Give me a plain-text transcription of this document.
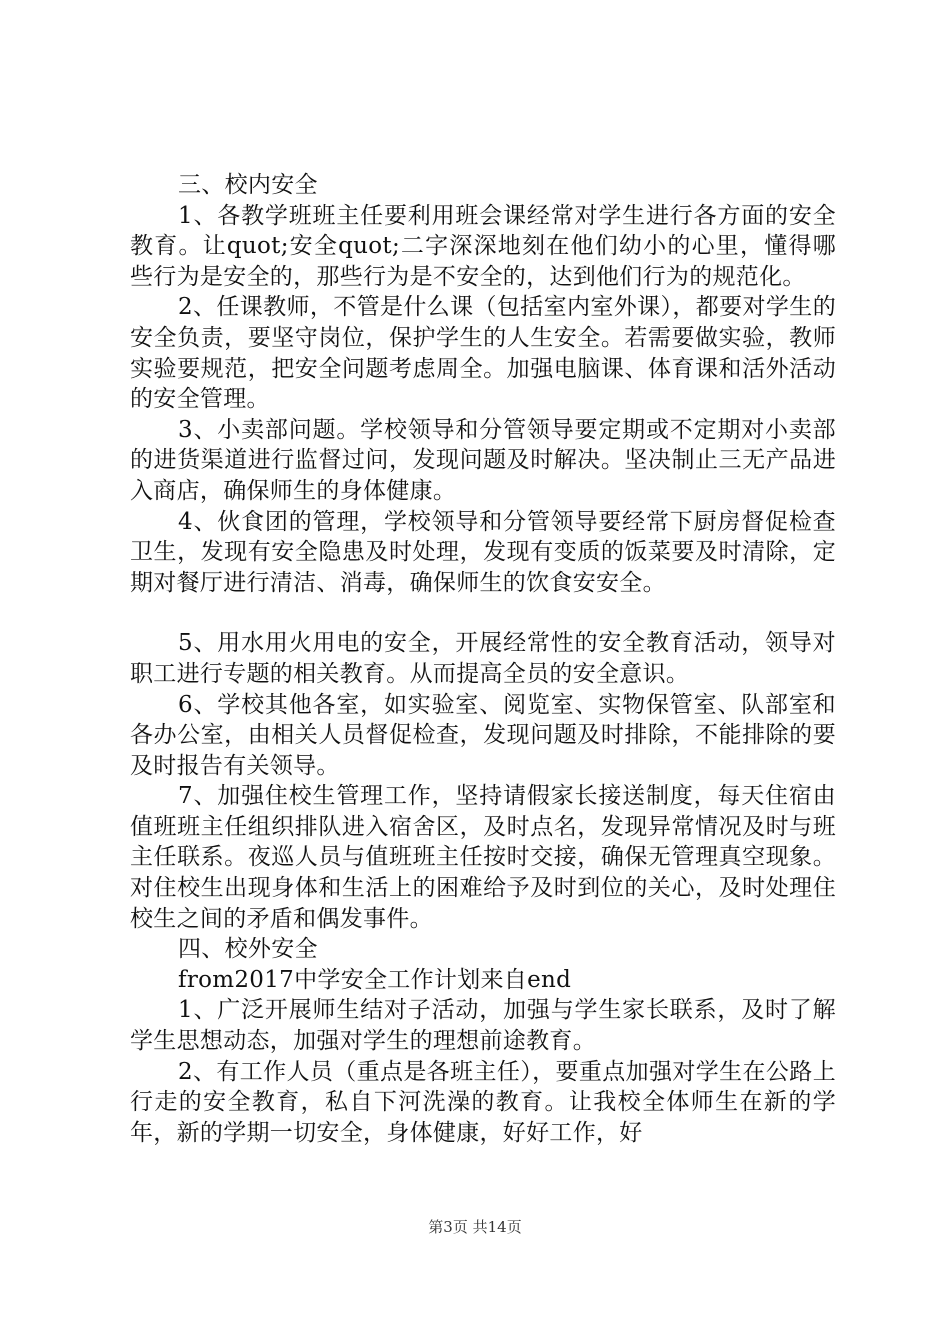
三、校内安全

1、各教学班班主任要利用班会课经常对学生进行各方面的安全教育。让quot;安全quot;二字深深地刻在他们幼小的心里，懂得哪些行为是安全的，那些行为是不安全的，达到他们行为的规范化。

2、任课教师，不管是什么课（包括室内室外课），都要对学生的安全负责，要坚守岗位，保护学生的人生安全。若需要做实验，教师实验要规范，把安全问题考虑周全。加强电脑课、体育课和活外活动的安全管理。

3、小卖部问题。学校领导和分管领导要定期或不定期对小卖部的进货渠道进行监督过问，发现问题及时解决。坚决制止三无产品进入商店，确保师生的身体健康。

4、伙食团的管理，学校领导和分管领导要经常下厨房督促检查卫生，发现有安全隐患及时处理，发现有变质的饭菜要及时清除，定期对餐厅进行清洁、消毒，确保师生的饮食安安全。

5、用水用火用电的安全，开展经常性的安全教育活动，领导对职工进行专题的相关教育。从而提高全员的安全意识。

6、学校其他各室，如实验室、阅览室、实物保管室、队部室和各办公室，由相关人员督促检查，发现问题及时排除，不能排除的要及时报告有关领导。

7、加强住校生管理工作，坚持请假家长接送制度，每天住宿由值班班主任组织排队进入宿舍区，及时点名，发现异常情况及时与班主任联系。夜巡人员与值班班主任按时交接，确保无管理真空现象。对住校生出现身体和生活上的困难给予及时到位的关心，及时处理住校生之间的矛盾和偶发事件。

四、校外安全

from2017中学安全工作计划来自end

1、广泛开展师生结对子活动，加强与学生家长联系，及时了解学生思想动态，加强对学生的理想前途教育。

2、有工作人员（重点是各班主任），要重点加强对学生在公路上行走的安全教育，私自下河洗澡的教育。让我校全体师生在新的学年，新的学期一切安全，身体健康，好好工作，好

第3页 共14页
